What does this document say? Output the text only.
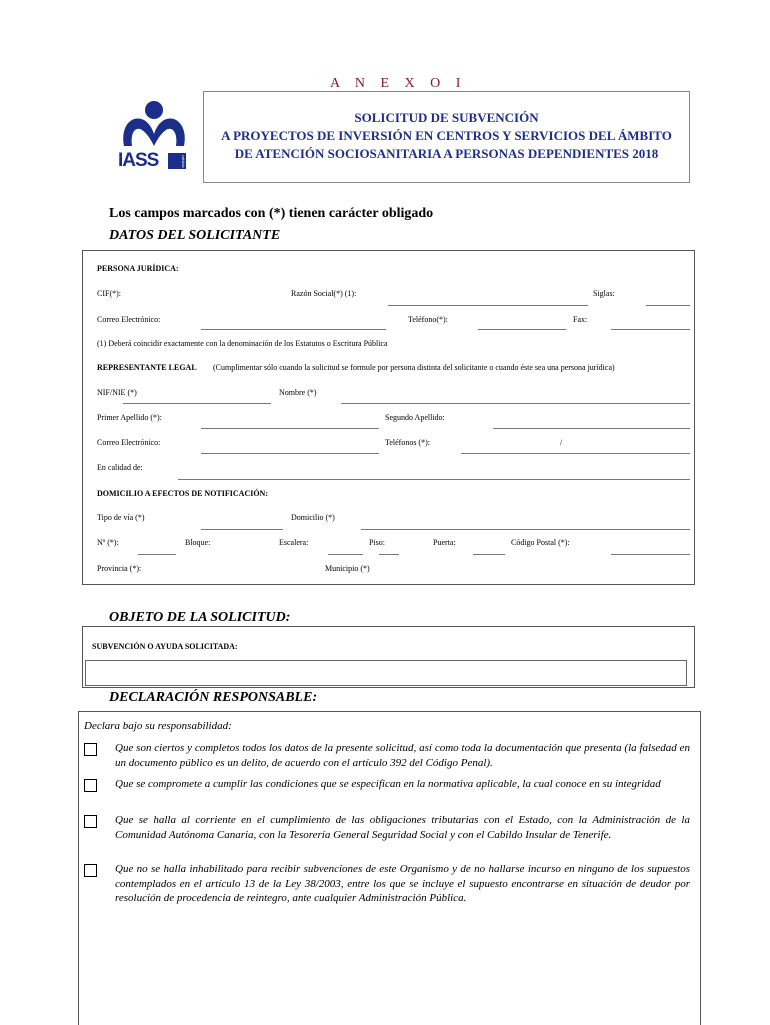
A N E X O I
IASS	cabildo
SOLICITUD DE SUBVENCIÓN
A PROYECTOS DE INVERSIÓN EN CENTROS Y SERVICIOS DEL ÁMBITO
DE ATENCIÓN SOCIOSANITARIA A PERSONAS DEPENDIENTES 2018
Los campos marcados con (*) tienen carácter obligado
DATOS DEL SOLICITANTE
PERSONA JURÍDICA:
CIF(*):	Razón Social(*) (1):	Siglas:
Correo Electrónico:	Teléfono(*):	Fax:
(1) Deberá coincidir exactamente con la denominación de los Estatutos o Escritura Pública
REPRESENTANTE LEGAL (Cumplimentar sólo cuando la solicitud se formule por persona distinta del solicitante o cuando éste sea una persona jurídica)
NIF/NIE (*)	Nombre (*)
Primer Apellido (*):	Segundo Apellido:
Correo Electrónico:	Teléfonos (*):	/
En calidad de:
DOMICILIO A EFECTOS DE NOTIFICACIÓN:
Tipo de vía (*)	Domicilio (*)
Nº (*):	Bloque:	Escalera:	Piso:	Puerta:	Código Postal (*):
Provincia (*):	Municipio (*)
OBJETO DE LA SOLICITUD:
SUBVENCIÓN O AYUDA SOLICITADA:
DECLARACIÓN RESPONSABLE:
Declara bajo su responsabilidad:
Que son ciertos y completos todos los datos de la presente solicitud, así como toda la documentación que presenta (la falsedad en un documento público es un delito, de acuerdo con el artículo 392 del Código Penal).
Que se compromete a cumplir las condiciones que se especifican en la normativa aplicable, la cual conoce en su integridad
Que se halla al corriente en el cumplimiento de las obligaciones tributarias con el Estado, con la Administración de la Comunidad Autónoma Canaria, con la Tesorería General Seguridad Social y con el Cabildo Insular de Tenerife.
Que no se halla inhabilitado para recibir subvenciones de este Organismo y de no hallarse incurso en ninguno de los supuestos contemplados en el artículo 13 de la Ley 38/2003, entre los que se incluye el supuesto encontrarse en situación de deudor por resolución de procedencia de reintegro, ante cualquier Administración Pública.
